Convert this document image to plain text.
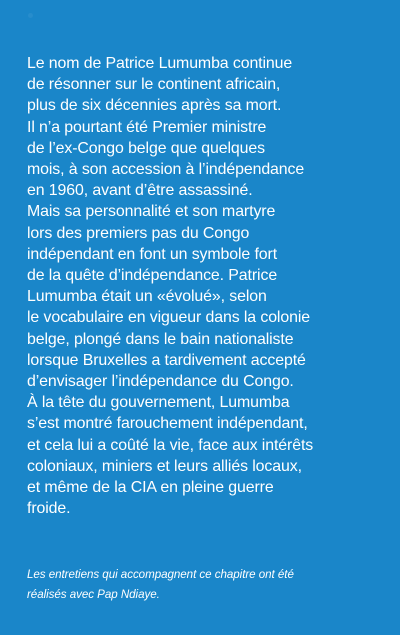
Le nom de Patrice Lumumba continue
de résonner sur le continent africain,
plus de six décennies après sa mort.
Il n’a pourtant été Premier ministre
de l’ex-Congo belge que quelques
mois, à son accession à l’indépendance
en 1960, avant d’être assassiné.
Mais sa personnalité et son martyre
lors des premiers pas du Congo
indépendant en font un symbole fort
de la quête d’indépendance. Patrice
Lumumba était un «évolué», selon
le vocabulaire en vigueur dans la colonie
belge, plongé dans le bain nationaliste
lorsque Bruxelles a tardivement accepté
d’envisager l’indépendance du Congo.
À la tête du gouvernement, Lumumba
s’est montré farouchement indépendant,
et cela lui a coûté la vie, face aux intérêts
coloniaux, miniers et leurs alliés locaux,
et même de la CIA en pleine guerre
froide.

Les entretiens qui accompagnent ce chapitre ont été
réalisés avec Pap Ndiaye.
